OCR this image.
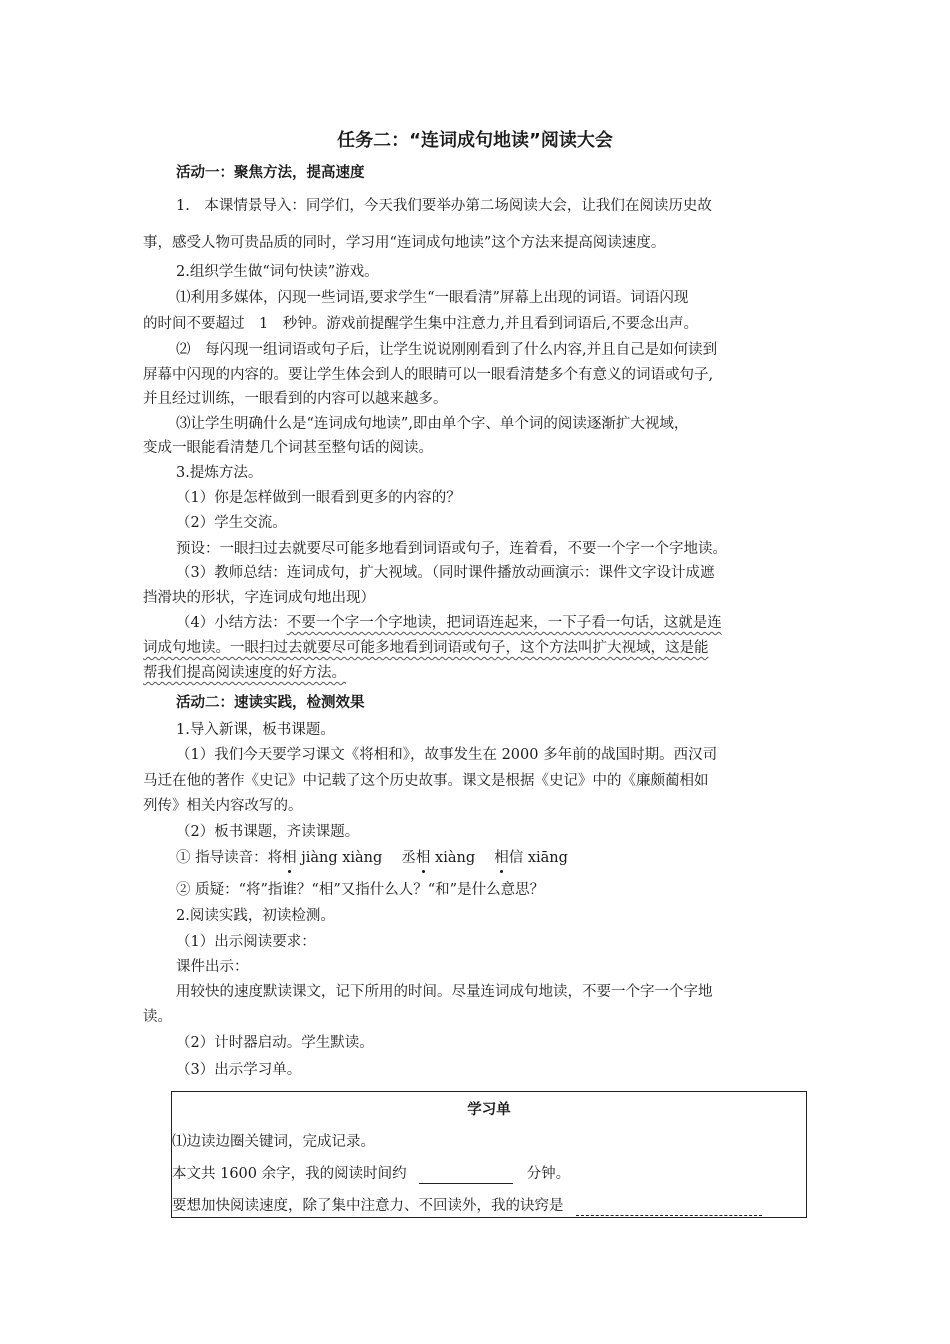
任务二：“连词成句地读”阅读大会
活动一：聚焦方法，提高速度
1.　本课情景导入：同学们，今天我们要举办第二场阅读大会，让我们在阅读历史故
事，感受人物可贵品质的同时，学习用“连词成句地读”这个方法来提高阅读速度。
2.组织学生做“词句快读”游戏。
⑴利用多媒体，闪现一些词语,要求学生“一眼看清”屏幕上出现的词语。词语闪现
的时间不要超过　1　秒钟。游戏前提醒学生集中注意力,并且看到词语后,不要念出声。
⑵　每闪现一组词语或句子后，让学生说说刚刚看到了什么内容,并且自己是如何读到
屏幕中闪现的内容的。要让学生体会到人的眼睛可以一眼看清楚多个有意义的词语或句子,
并且经过训练，一眼看到的内容可以越来越多。
⑶让学生明确什么是“连词成句地读”,即由单个字、单个词的阅读逐渐扩大视域，
变成一眼能看清楚几个词甚至整句话的阅读。
3.提炼方法。
（1）你是怎样做到一眼看到更多的内容的？
（2）学生交流。
预设：一眼扫过去就要尽可能多地看到词语或句子，连着看，不要一个字一个字地读。
（3）教师总结：连词成句，扩大视域。（同时课件播放动画演示：课件文字设计成遮
挡滑块的形状，字连词成句地出现）
（4）小结方法：不要一个字一个字地读，把词语连起来，一下子看一句话，这就是连
词成句地读。一眼扫过去就要尽可能多地看到词语或句子，这个方法叫扩大视域，这是能
帮我们提高阅读速度的好方法。
活动二：速读实践，检测效果
1.导入新课，板书课题。
（1）我们今天要学习课文《将相和》，故事发生在 2000 多年前的战国时期。西汉司
马迁在他的著作《史记》中记载了这个历史故事。课文是根据《史记》中的《廉颇蔺相如
列传》相关内容改写的。
（2）板书课题，齐读课题。
① 指导读音：将相 jiàng xiàng　 丞相 xiàng　 相信 xiāng
② 质疑：“将”指谁？“相”又指什么人？“和”是什么意思？
2.阅读实践，初读检测。
（1）出示阅读要求：
课件出示：
用较快的速度默读课文，记下所用的时间。尽量连词成句地读，不要一个字一个字地
读。
（2）计时器启动。学生默读。
（3）出示学习单。
学习单
⑴边读边圈关键词，完成记录。
本文共 1600 余字，我的阅读时间约	分钟。
要想加快阅读速度，除了集中注意力、不回读外，我的诀窍是
